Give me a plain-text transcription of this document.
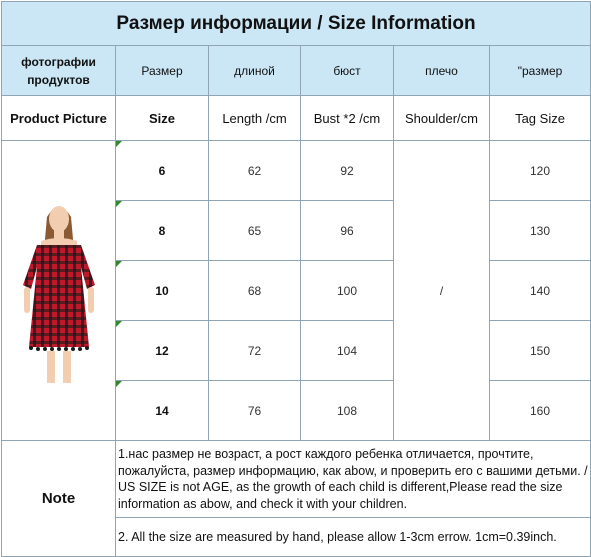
Размер информации / Size Information					
фотографии продуктов	Размер	длиной	бюст	плечо	"размер
Product Picture	Size	Length /cm	Bust *2 /cm	Shoulder/cm	Tag Size
	6	62	92	/	120
	8	65	96		130
	10	68	100		140
	12	72	104		150
	14	76	108		160
Note	1.нас размер не возраст, а рост каждого ребенка отличается, прочтите, пожалуйста, размер информацию, как abow, и проверить его с вашими детьми. / US SIZE is not AGE, as the growth of each child is different,Please read the size information as abow, and check it with your children.				
	2. All the size are measured by hand, please allow 1-3cm errow. 1cm=0.39inch.				
